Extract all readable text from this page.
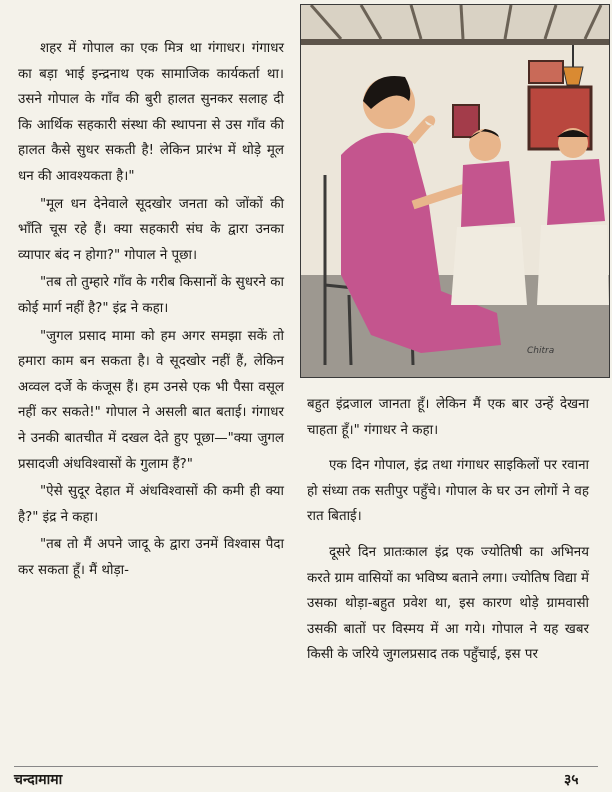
शहर में गोपाल का एक मित्र था गंगाधर। गंगाधर का बड़ा भाई इन्द्रनाथ एक सामाजिक कार्यकर्ता था। उसने गोपाल के गाँव की बुरी हालत सुनकर सलाह दी कि आर्थिक सहकारी संस्था की स्थापना से उस गाँव की हालत कैसे सुधर सकती है! लेकिन प्रारंभ में थोड़े मूल धन की आवश्यकता है।"

"मूल धन देनेवाले सूदखोर जनता को जोंकों की भाँति चूस रहे हैं। क्या सहकारी संघ के द्वारा उनका व्यापार बंद न होगा?" गोपाल ने पूछा।

"तब तो तुम्हारे गाँव के गरीब किसानों के सुधरने का कोई मार्ग नहीं है?" इंद्र ने कहा।

"जुगल प्रसाद मामा को हम अगर समझा सकें तो हमारा काम बन सकता है। वे सूदखोर नहीं हैं, लेकिन अव्वल दर्जे के कंजूस हैं। हम उनसे एक भी पैसा वसूल नहीं कर सकते!" गोपाल ने असली बात बताई। गंगाधर ने उनकी बातचीत में दखल देते हुए पूछा—"क्या जुगल प्रसादजी अंधविश्वासों के गुलाम हैं?"

"ऐसे सुदूर देहात में अंधविश्वासों की कमी ही क्या है?" इंद्र ने कहा।

"तब तो मैं अपने जादू के द्वारा उनमें विश्वास पैदा कर सकता हूँ। मैं थोड़ा-

Chitra

बहुत इंद्रजाल जानता हूँ। लेकिन मैं एक बार उन्हें देखना चाहता हूँ।" गंगाधर ने कहा।

एक दिन गोपाल, इंद्र तथा गंगाधर साइकिलों पर रवाना हो संध्या तक सतीपुर पहुँचे। गोपाल के घर उन लोगों ने वह रात बिताई।

दूसरे दिन प्रातःकाल इंद्र एक ज्योतिषी का अभिनय करते ग्राम वासियों का भविष्य बताने लगा। ज्योतिष विद्या में उसका थोड़ा-बहुत प्रवेश था, इस कारण थोड़े ग्रामवासी उसकी बातों पर विस्मय में आ गये। गोपाल ने यह खबर किसी के जरिये जुगलप्रसाद तक पहुँचाई, इस पर

चन्दामामा	३५
